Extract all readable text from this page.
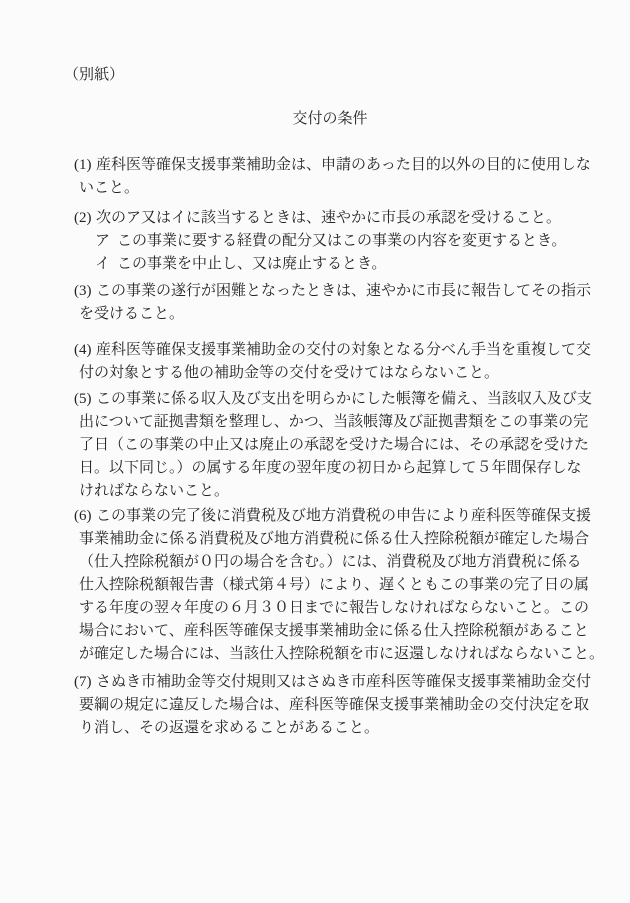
（別紙）
交付の条件
(1) 産科医等確保支援事業補助金は、申請のあった目的以外の目的に使用しな
いこと。
(2) 次のア又はイに該当するときは、速やかに市長の承認を受けること。
ア この事業に要する経費の配分又はこの事業の内容を変更するとき。
イ この事業を中止し、又は廃止するとき。
(3) この事業の遂行が困難となったときは、速やかに市長に報告してその指示
を受けること。
(4) 産科医等確保支援事業補助金の交付の対象となる分べん手当を重複して交
付の対象とする他の補助金等の交付を受けてはならないこと。
(5) この事業に係る収入及び支出を明らかにした帳簿を備え、当該収入及び支
出について証拠書類を整理し、かつ、当該帳簿及び証拠書類をこの事業の完
了日（この事業の中止又は廃止の承認を受けた場合には、その承認を受けた
日。以下同じ。）の属する年度の翌年度の初日から起算して５年間保存しな
ければならないこと。
(6) この事業の完了後に消費税及び地方消費税の申告により産科医等確保支援
事業補助金に係る消費税及び地方消費税に係る仕入控除税額が確定した場合
（仕入控除税額が０円の場合を含む。）には、消費税及び地方消費税に係る
仕入控除税額報告書（様式第４号）により、遅くともこの事業の完了日の属
する年度の翌々年度の６月３０日までに報告しなければならないこと。この
場合において、産科医等確保支援事業補助金に係る仕入控除税額があること
が確定した場合には、当該仕入控除税額を市に返還しなければならないこと。
(7) さぬき市補助金等交付規則又はさぬき市産科医等確保支援事業補助金交付
要綱の規定に違反した場合は、産科医等確保支援事業補助金の交付決定を取
り消し、その返還を求めることがあること。
